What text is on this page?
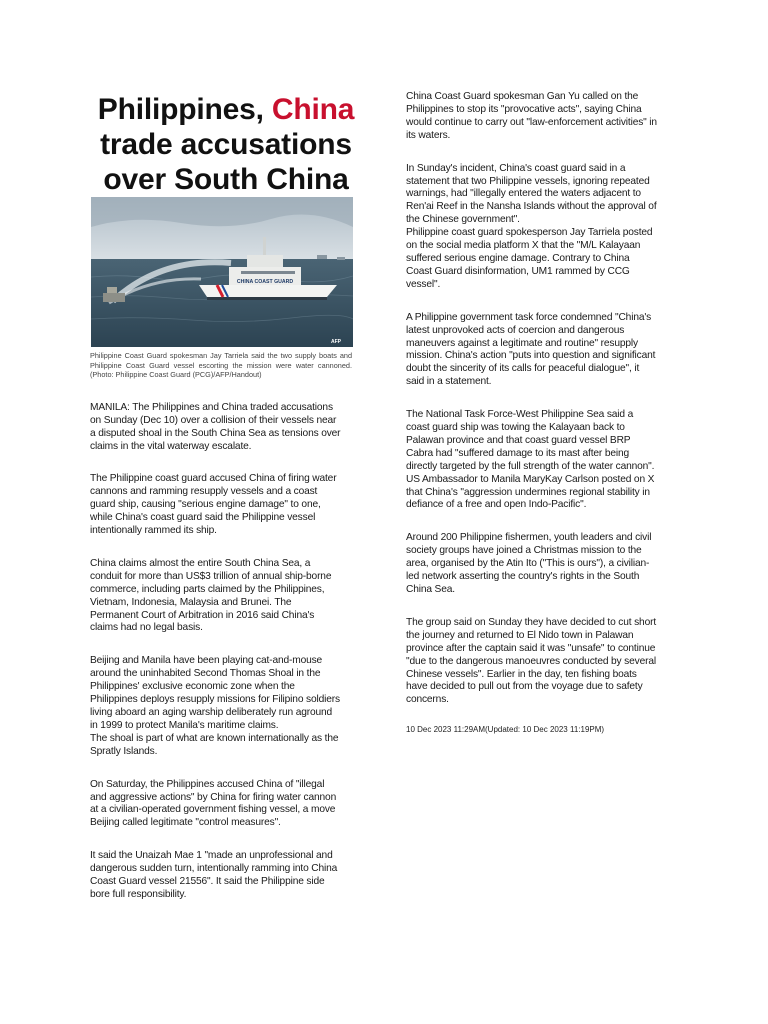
Philippines, China trade accusations over South China
CHINA COAST GUARD
AFP

Philippine Coast Guard spokesman Jay Tarriela said the two supply boats and Philippine Coast Guard vessel escorting the mission were water cannoned. (Photo: Philippine Coast Guard (PCG)/AFP/Handout)

MANILA: The Philippines and China traded accusations
on Sunday (Dec 10) over a collision of their vessels near
a disputed shoal in the South China Sea as tensions over
claims in the vital waterway escalate.

The Philippine coast guard accused China of firing water
cannons and ramming resupply vessels and a coast
guard ship, causing "serious engine damage" to one,
while China's coast guard said the Philippine vessel
intentionally rammed its ship.

China claims almost the entire South China Sea, a
conduit for more than US$3 trillion of annual ship-borne
commerce, including parts claimed by the Philippines,
Vietnam, Indonesia, Malaysia and Brunei. The
Permanent Court of Arbitration in 2016 said China's
claims had no legal basis.

Beijing and Manila have been playing cat-and-mouse
around the uninhabited Second Thomas Shoal in the
Philippines' exclusive economic zone when the
Philippines deploys resupply missions for Filipino soldiers
living aboard an aging warship deliberately run aground
in 1999 to protect Manila's maritime claims.
The shoal is part of what are known internationally as the
Spratly Islands.

On Saturday, the Philippines accused China of "illegal
and aggressive actions" by China for firing water cannon
at a civilian-operated government fishing vessel, a move
Beijing called legitimate "control measures".

It said the Unaizah Mae 1 "made an unprofessional and
dangerous sudden turn, intentionally ramming into China
Coast Guard vessel 21556". It said the Philippine side
bore full responsibility.

China Coast Guard spokesman Gan Yu called on the
Philippines to stop its "provocative acts", saying China
would continue to carry out "law-enforcement activities" in
its waters.

In Sunday's incident, China's coast guard said in a
statement that two Philippine vessels, ignoring repeated
warnings, had "illegally entered the waters adjacent to
Ren'ai Reef in the Nansha Islands without the approval of
the Chinese government".
Philippine coast guard spokesperson Jay Tarriela posted
on the social media platform X that the "M/L Kalayaan
suffered serious engine damage. Contrary to China
Coast Guard disinformation, UM1 rammed by CCG
vessel".

A Philippine government task force condemned "China's
latest unprovoked acts of coercion and dangerous
maneuvers against a legitimate and routine" resupply
mission. China's action "puts into question and significant
doubt the sincerity of its calls for peaceful dialogue", it
said in a statement.

The National Task Force-West Philippine Sea said a
coast guard ship was towing the Kalayaan back to
Palawan province and that coast guard vessel BRP
Cabra had "suffered damage to its mast after being
directly targeted by the full strength of the water cannon".
US Ambassador to Manila MaryKay Carlson posted on X
that China's "aggression undermines regional stability in
defiance of a free and open Indo-Pacific".

Around 200 Philippine fishermen, youth leaders and civil
society groups have joined a Christmas mission to the
area, organised by the Atin Ito ("This is ours"), a civilian-
led network asserting the country's rights in the South
China Sea.

The group said on Sunday they have decided to cut short
the journey and returned to El Nido town in Palawan
province after the captain said it was "unsafe" to continue
"due to the dangerous manoeuvres conducted by several
Chinese vessels". Earlier in the day, ten fishing boats
have decided to pull out from the voyage due to safety
concerns.

10 Dec 2023 11:29AM(Updated: 10 Dec 2023 11:19PM)
